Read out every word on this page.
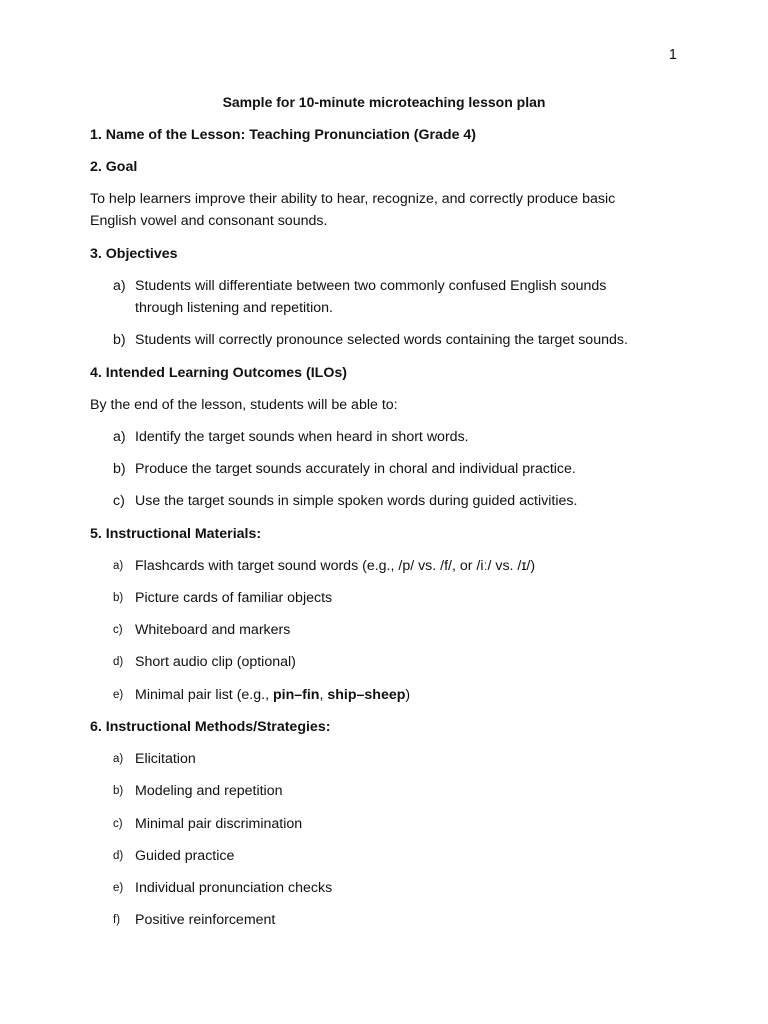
1
Sample for 10-minute microteaching lesson plan
1. Name of the Lesson: Teaching Pronunciation (Grade 4)
2. Goal
To help learners improve their ability to hear, recognize, and correctly produce basic English vowel and consonant sounds.
3. Objectives
a) Students will differentiate between two commonly confused English sounds through listening and repetition.
b) Students will correctly pronounce selected words containing the target sounds.
4. Intended Learning Outcomes (ILOs)
By the end of the lesson, students will be able to:
a) Identify the target sounds when heard in short words.
b) Produce the target sounds accurately in choral and individual practice.
c) Use the target sounds in simple spoken words during guided activities.
5. Instructional Materials:
a) Flashcards with target sound words (e.g., /p/ vs. /f/, or /iː/ vs. /ɪ/)
b) Picture cards of familiar objects
c) Whiteboard and markers
d) Short audio clip (optional)
e) Minimal pair list (e.g., pin–fin, ship–sheep)
6. Instructional Methods/Strategies:
a) Elicitation
b) Modeling and repetition
c) Minimal pair discrimination
d) Guided practice
e) Individual pronunciation checks
f)	Positive reinforcement
